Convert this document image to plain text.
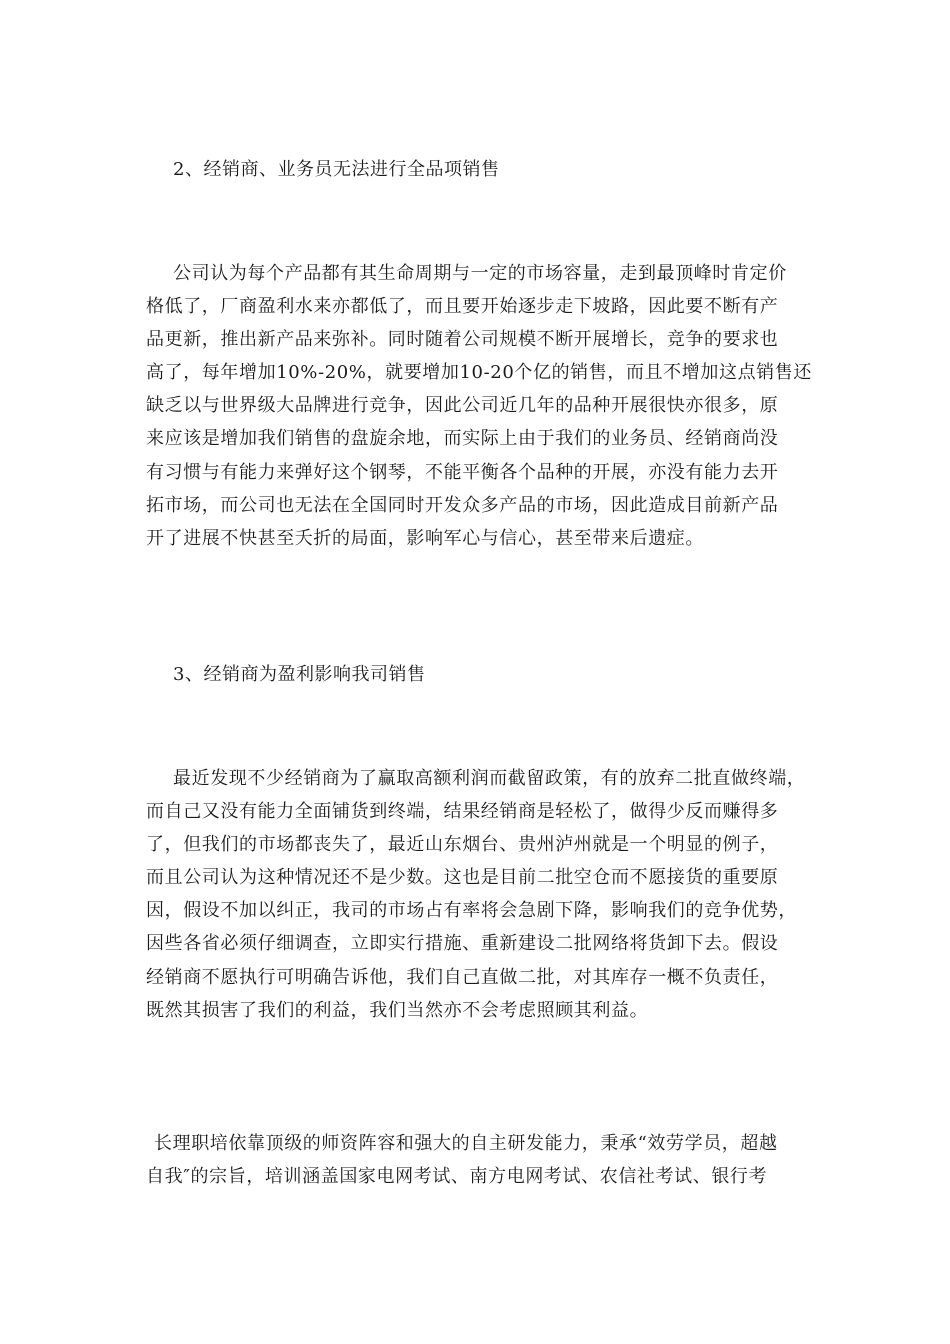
2、经销商、业务员无法进行全品项销售
公司认为每个产品都有其生命周期与一定的市场容量，走到最顶峰时肯定价
格低了，厂商盈利水来亦都低了，而且要开始逐步走下坡路，因此要不断有产
品更新，推出新产品来弥补。同时随着公司规模不断开展增长，竞争的要求也
高了，每年增加10%-20%，就要增加10-20个亿的销售，而且不增加这点销售还
缺乏以与世界级大品牌进行竞争，因此公司近几年的品种开展很快亦很多，原
来应该是增加我们销售的盘旋余地，而实际上由于我们的业务员、经销商尚没
有习惯与有能力来弹好这个钢琴，不能平衡各个品种的开展，亦没有能力去开
拓市场，而公司也无法在全国同时开发众多产品的市场，因此造成目前新产品
开了进展不快甚至夭折的局面，影响军心与信心，甚至带来后遗症。
3、经销商为盈利影响我司销售
最近发现不少经销商为了赢取高额利润而截留政策，有的放弃二批直做终端，
而自己又没有能力全面铺货到终端，结果经销商是轻松了，做得少反而赚得多
了，但我们的市场都丧失了，最近山东烟台、贵州泸州就是一个明显的例子，
而且公司认为这种情况还不是少数。这也是目前二批空仓而不愿接货的重要原
因，假设不加以纠正，我司的市场占有率将会急剧下降，影响我们的竞争优势，
因些各省必须仔细调查，立即实行措施、重新建设二批网络将货卸下去。假设
经销商不愿执行可明确告诉他，我们自己直做二批，对其库存一概不负责任，
既然其损害了我们的利益，我们当然亦不会考虑照顾其利益。
长理职培依靠顶级的师资阵容和强大的自主研发能力，秉承“效劳学员，超越
自我″的宗旨，培训涵盖国家电网考试、南方电网考试、农信社考试、银行考
